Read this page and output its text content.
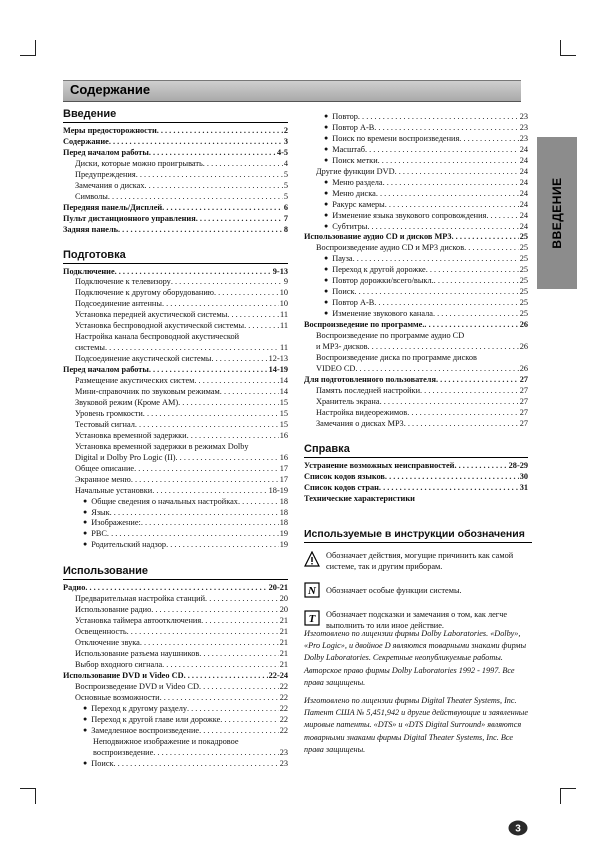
Содержание
ВВЕДЕНИЕ
Введение
Меры предосторожности . . .	2
Содержание . . .	3
Перед началом работы . . .	4-5
Диски, которые можно проигрывать . . .	4
Предупреждения . . .	5
Замечания о дисках . . .	5
Символы . . .	5
Передняя панель/Дисплей . . .	6
Пульт дистанционного управления . . .	7
Задняя панель . . .	8
Подготовка
Подключение . . .	9-13
Подключение к телевизору . . .	9
Подключение к другому оборудованию . . .	10
Подсоединение антенны . . .	10
Установка передней акустической системы . . .	11
Установка беспроводной акустической системы . . .	11
Настройка канала беспроводной акустической
системы . . .	11
Подсоединение акустической системы . . .	12-13
Перед началом работы . . .	14-19
Размещение акустических систем . . .	14
Мини-справочник по звуковым режимам . . .	14
Звуковой режим (Кроме AM) . . .	15
Уровень громкости . . .	15
Тестовый сигнал . . .	15
Установка временной задержки . . .	16
Установка временной задержки в режимах Dolby
Digital и Dolby Pro Logic (II) . . .	16
Общее описание . . .	17
Экранное меню . . .	17
Начальные установки . . .	18-19
● Общие сведения о начальных настройках . . .	18
● Язык . . .	18
● Изображение: . . .	18
● PBC . . .	19
● Родительский надзор . . .	19
Использование
Радио . . .	20-21
Предварительная настройка станций . . .	20
Использование радио . . .	20
Установка таймера автоотключения . . .	21
Освещенность . . .	21
Отключение звука . . .	21
Использование разъема наушников . . .	21
Выбор входного сигнала . . .	21
Использование DVD и Video CD . . .	22-24
Воспроизведение DVD и Video CD . . .	22
Основные возможности . . .	22
● Переход к другому разделу . . .	22
● Переход к другой главе или дорожке . . .	22
● Замедленное воспроизведение . . .	22
Неподвижное изображение и покадровое
воспроизведение . . .	23
● Поиск . . .	23
● Повтор . . .	23
● Повтор A-B . . .	23
● Поиск по времени воспроизведения . . .	23
● Масштаб . . .	24
● Поиск метки . . .	24
Другие функции DVD . . .	24
● Меню раздела . . .	24
● Меню диска . . .	24
● Ракурс камеры . . .	24
● Изменение языка звукового сопровождения . . .	24
● Субтитры . . .	24
Использование аудио CD и дисков MP3 . . .	25
Воспроизведение аудио CD и MP3 дисков . . .	25
● Пауза . . .	25
● Переход к другой дорожке . . .	25
● Повтор дорожки/всего/выкл. . . .	25
● Поиск . . .	25
● Повтор A-B . . .	25
● Изменение звукового канала . . .	25
Воспроизведение по программе. . . .	26
Воспроизведение по программе аудио CD
и MP3- дисков . . .	26
Воспроизведение диска по программе дисков
VIDEO CD . . .	26
Для подготовленного пользователя . . .	27
Память последней настройки . . .	27
Хранитель экрана . . .	27
Настройка видеорежимов . . .	27
Замечания о дисках MP3 . . .	27
Справка
Устранение возможных неисправностей . . .	28-29
Список кодов языков . . .	30
Список кодов стран . . .	31
Технические характеристики
Используемые в инструкции обозначения
Обозначает действия, могущие причинить как самой системе, так и другим приборам.
N Обозначает особые функции системы.
T Обозначает подсказки и замечания о том, как легче выполнить то или иное действие.
Изготовлено по лицензии фирмы Dolby Laboratories. «Dolby», «Pro Logic», и двойное D являются товарными знаками фирмы Dolby Laboratories. Секретные неопубликуемые работы. Авторское право фирмы Dolby Laboratories 1992 - 1997. Все права защищены.
Изготовлено по лицензии фирмы Digital Theater Systems, Inc. Патент США № 5,451,942 и другие действующие и заявленные мировые патенты. «DTS» и «DTS Digital Surround» являются товарными знаками фирмы Digital Theater Systems, Inc. Все права защищены.
3
